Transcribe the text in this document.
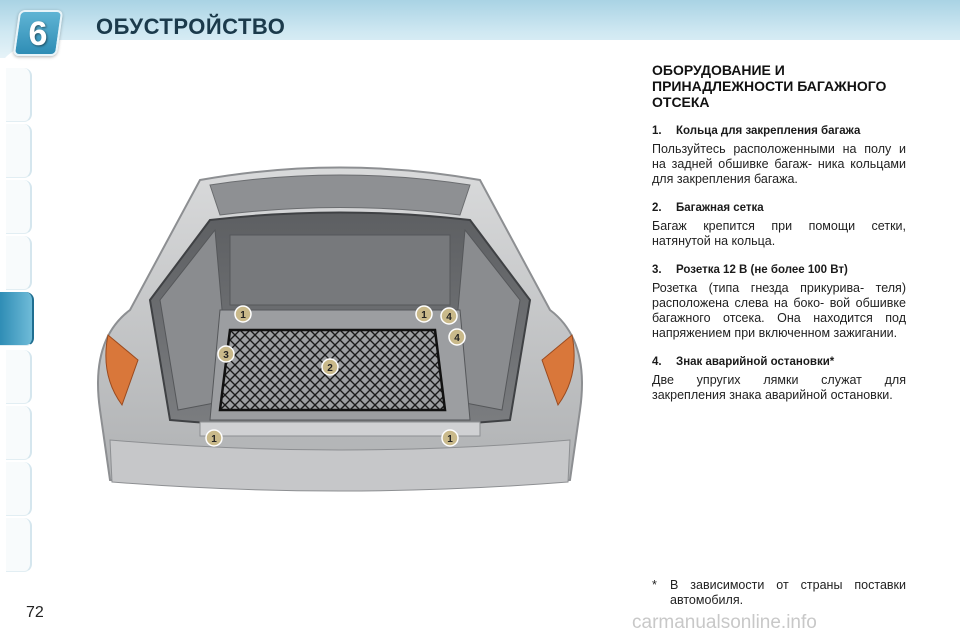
6	ОБУСТРОЙСТВО
1	1 4
3
2
4
1	1
1
ОБОРУДОВАНИЕ И ПРИНАДЛЕЖНОСТИ БАГАЖНОГО ОТСЕКА
1.	Кольца для закрепления багажа
Пользуйтесь расположенными на полу и на задней обшивке багаж- ника кольцами для закрепления багажа.
2.	Багажная сетка
Багаж крепится при помощи сетки, натянутой на кольца.
3.	Розетка 12 В (не более 100 Вт)
Розетка (типа гнезда прикурива- теля) расположена слева на боко- вой обшивке багажного отсека. Она находится под напряжением при включенном зажигании.
4.	Знак аварийной остановки*
Две упругих лямки служат для закрепления знака аварийной остановки.
*	В зависимости от страны поставки автомобиля.
72	carmanualsonline.info
